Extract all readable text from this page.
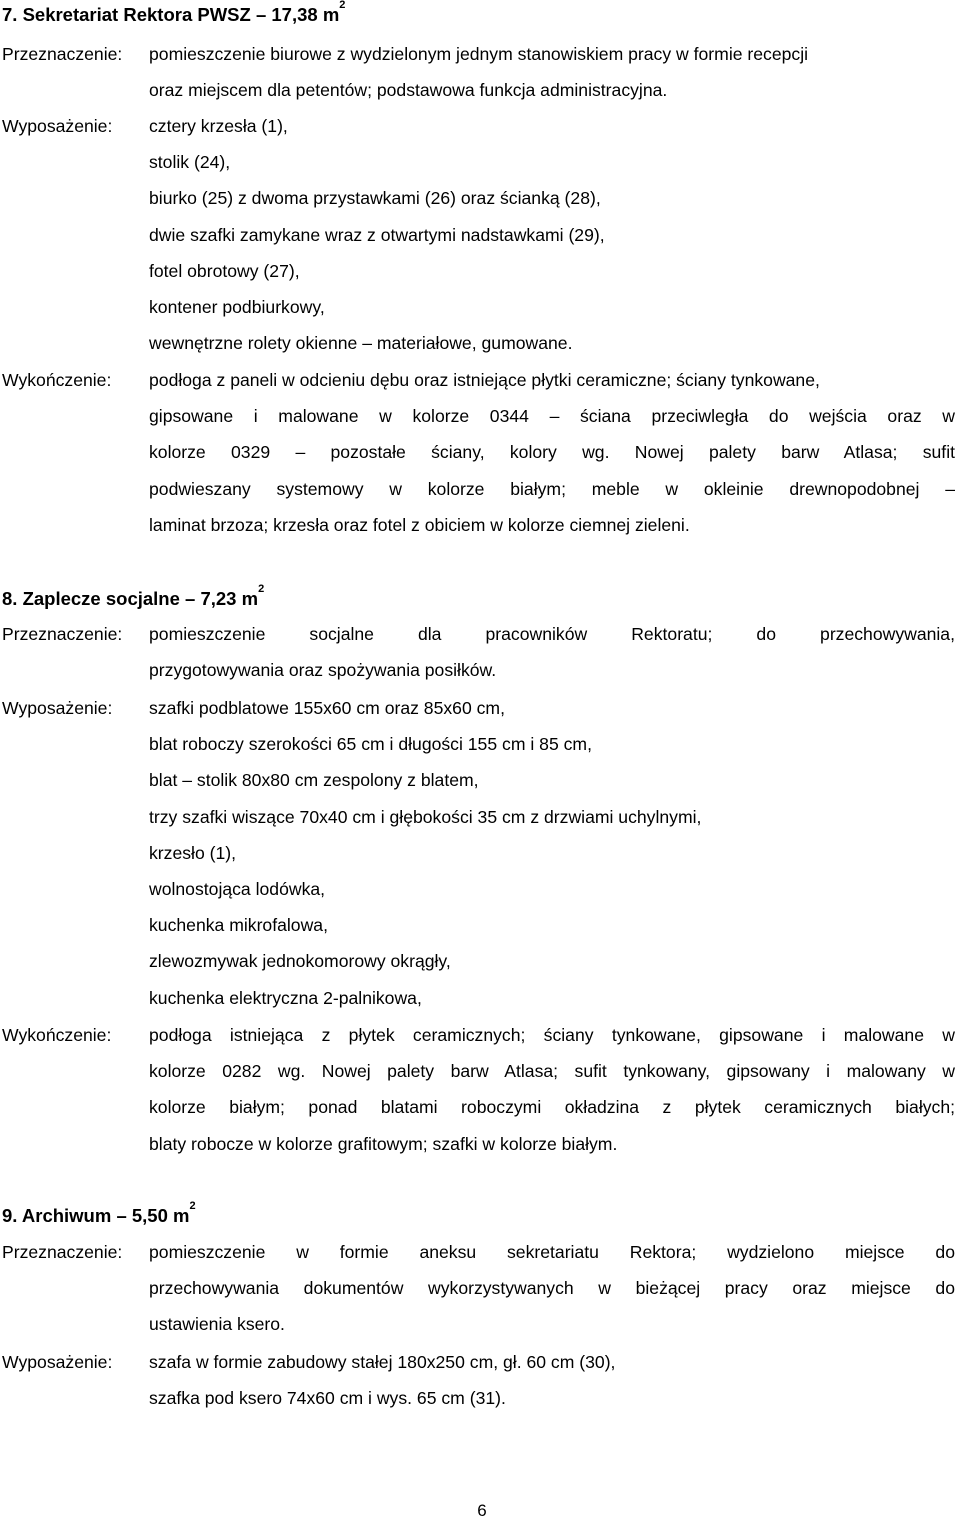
7. Sekretariat Rektora PWSZ – 17,38 $m^2$
Przeznaczenie:	pomieszczenie biurowe z wydzielonym jednym stanowiskiem pracy w formie recepcji
oraz miejscem dla petentów; podstawowa funkcja administracyjna.
Wyposażenie:	cztery krzesła (1),
stolik (24),
biurko (25) z dwoma przystawkami (26) oraz ścianką (28),
dwie szafki zamykane wraz z otwartymi nadstawkami (29),
fotel obrotowy (27),
kontener podbiurkowy,
wewnętrzne rolety okienne – materiałowe, gumowane.
Wykończenie:	podłoga z paneli w odcieniu dębu oraz istniejące płytki ceramiczne; ściany tynkowane,
gipsowane i malowane w kolorze 0344 – ściana przeciwległa do wejścia oraz w
kolorze 0329 – pozostałe ściany, kolory wg. Nowej palety barw Atlasa; sufit
podwieszany systemowy w kolorze białym; meble w okleinie drewnopodobnej –
laminat brzoza; krzesła oraz fotel z obiciem w kolorze ciemnej zieleni.
8. Zaplecze socjalne – 7,23 $m^2$
Przeznaczenie:	pomieszczenie socjalne dla pracowników Rektoratu; do przechowywania,
przygotowywania oraz spożywania posiłków.
Wyposażenie:	szafki podblatowe 155x60 cm oraz 85x60 cm,
blat roboczy szerokości 65 cm i długości 155 cm i 85 cm,
blat – stolik 80x80 cm zespolony z blatem,
trzy szafki wiszące 70x40 cm i głębokości 35 cm z drzwiami uchylnymi,
krzesło (1),
wolnostojąca lodówka,
kuchenka mikrofalowa,
zlewozmywak jednokomorowy okrągły,
kuchenka elektryczna 2-palnikowa,
Wykończenie:	podłoga istniejąca z płytek ceramicznych; ściany tynkowane, gipsowane i malowane w
kolorze 0282 wg. Nowej palety barw Atlasa; sufit tynkowany, gipsowany i malowany w
kolorze białym; ponad blatami roboczymi okładzina z płytek ceramicznych białych;
blaty robocze w kolorze grafitowym; szafki w kolorze białym.
9. Archiwum – 5,50 $m^2$
Przeznaczenie:	pomieszczenie w formie aneksu sekretariatu Rektora; wydzielono miejsce do
przechowywania dokumentów wykorzystywanych w bieżącej pracy oraz miejsce do
ustawienia ksero.
Wyposażenie:	szafa w formie zabudowy stałej 180x250 cm, gł. 60 cm (30),
szafka pod ksero 74x60 cm i wys. 65 cm (31).
6
